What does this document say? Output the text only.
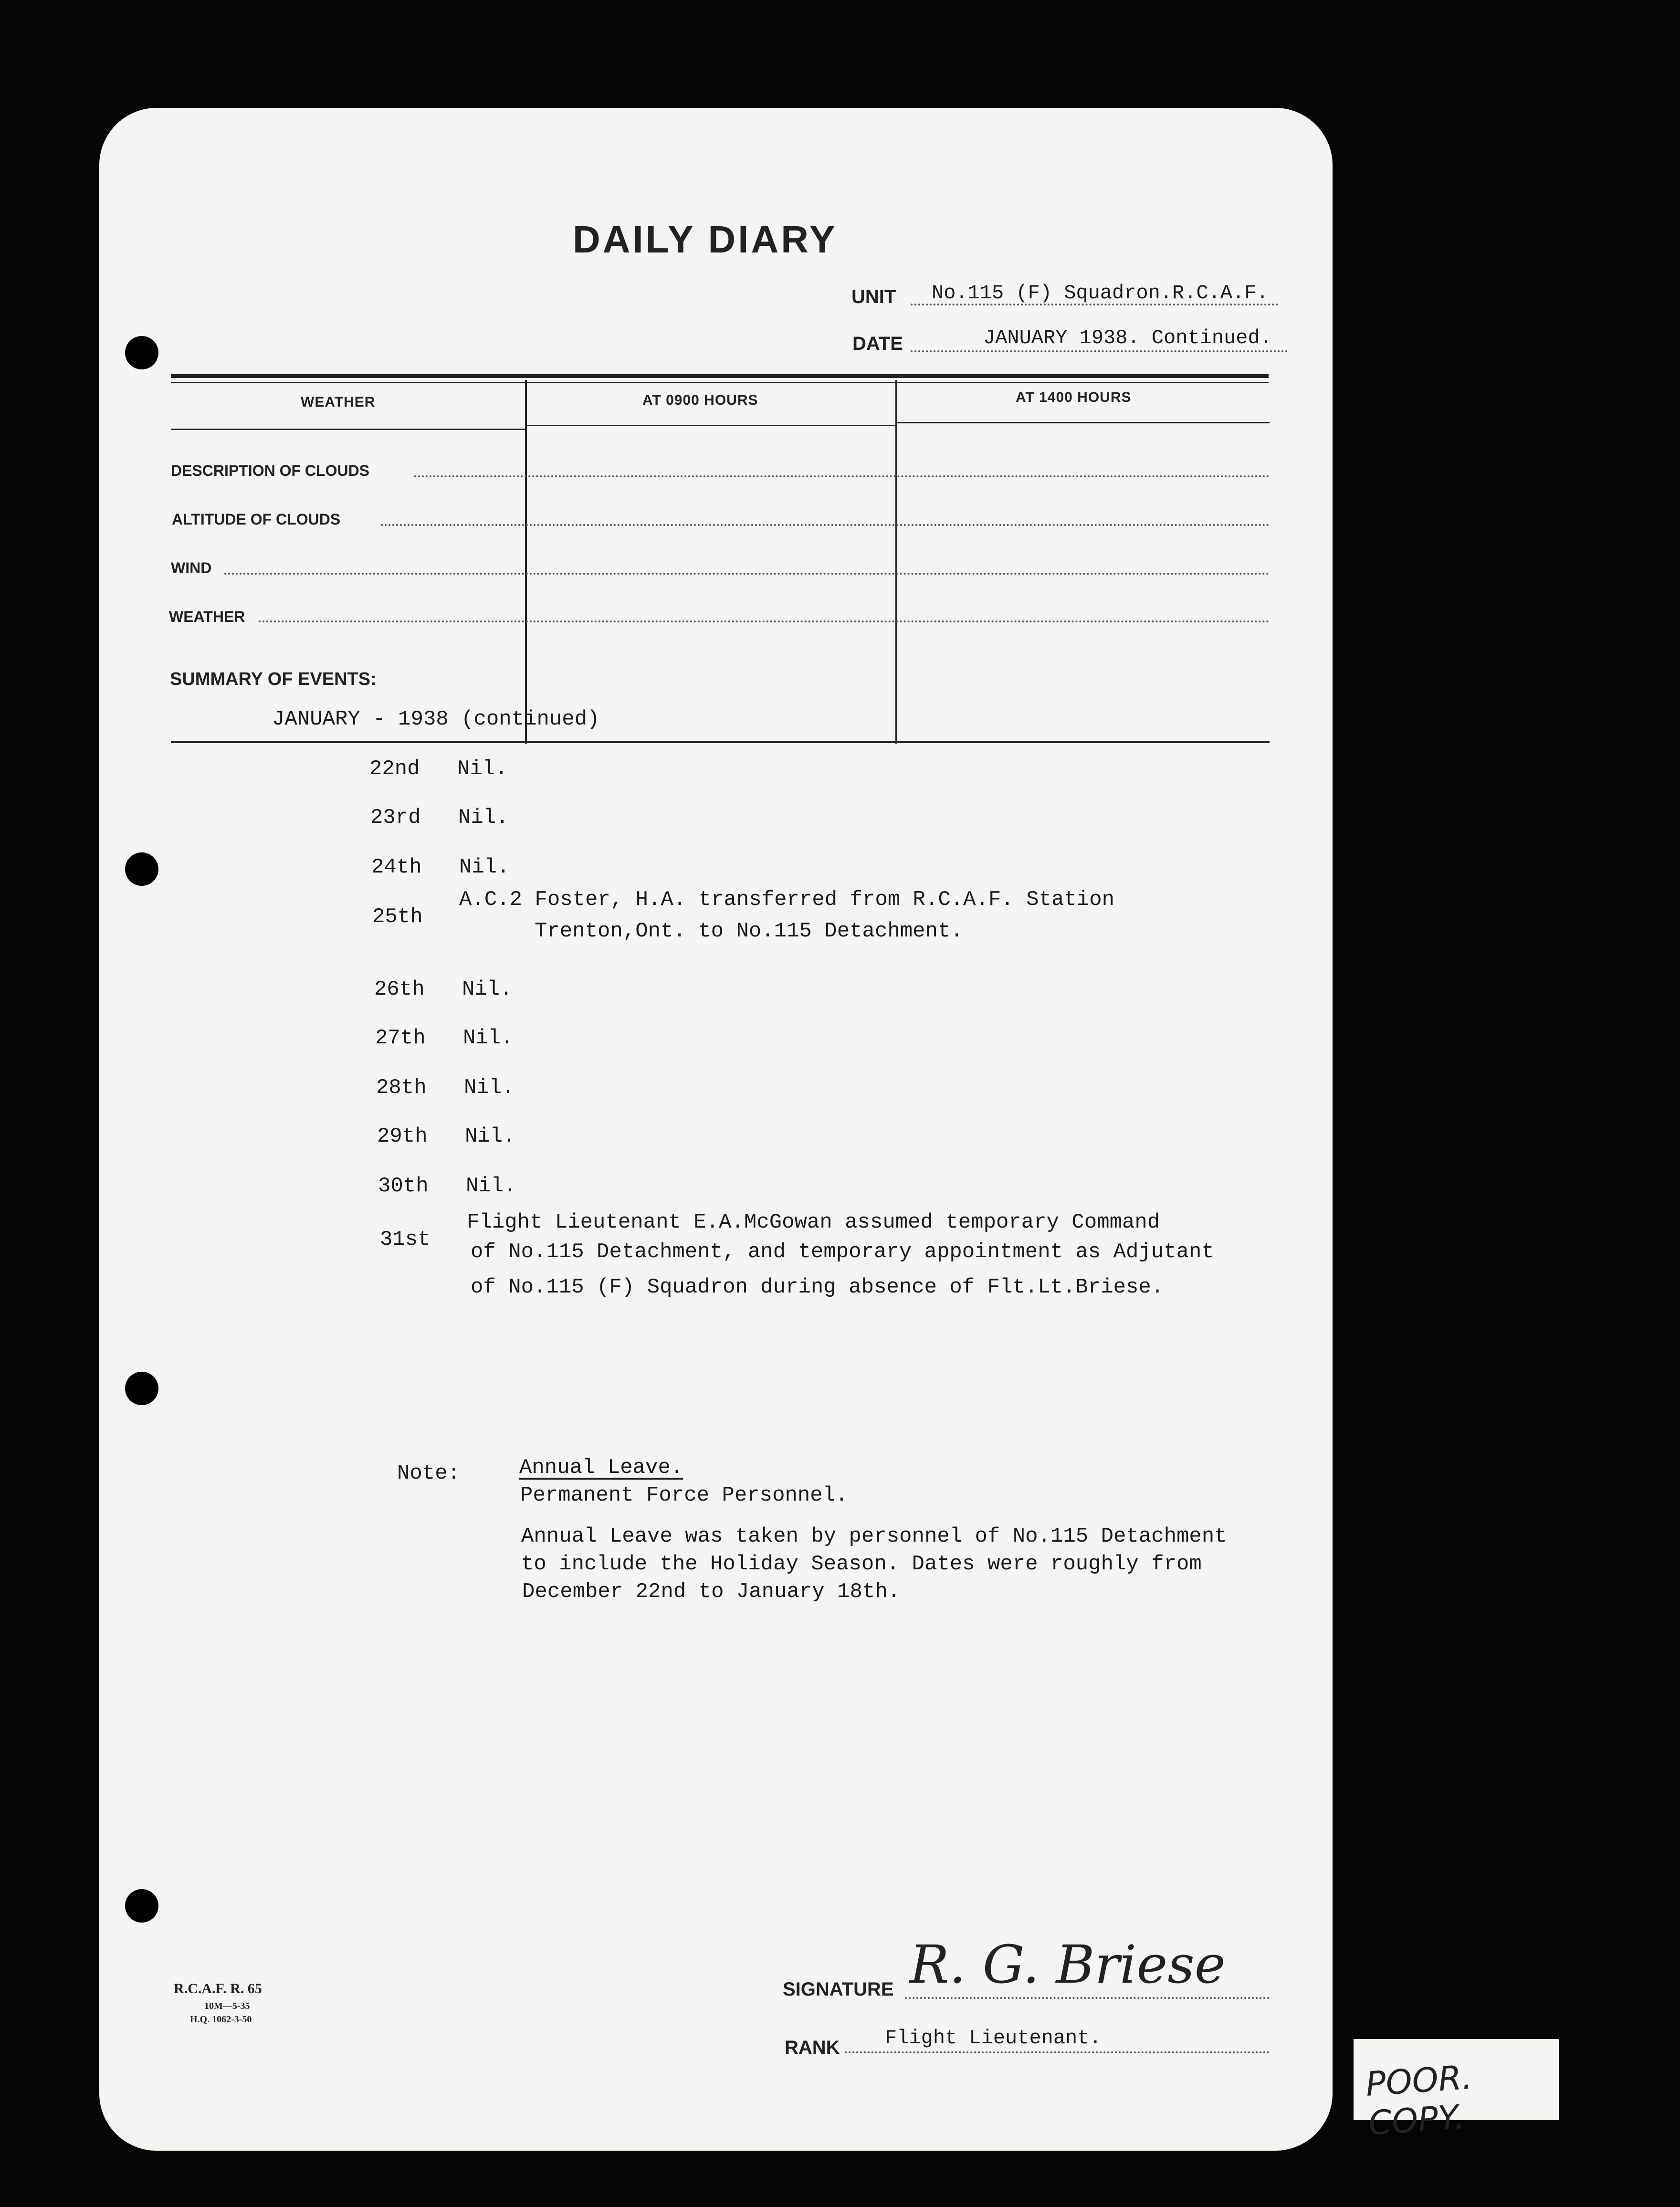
DAILY DIARY
UNIT No.115 (F) Squadron.R.C.A.F.
DATE	JANUARY 1938. Continued.
WEATHER	AT 0900 HOURS	AT 1400 HOURS
DESCRIPTION OF CLOUDS
ALTITUDE OF CLOUDS
WIND
WEATHER
SUMMARY OF EVENTS:
JANUARY - 1938 (continued)
22nd Nil.
23rd Nil.
24th Nil.
25th
A.C.2 Foster, H.A. transferred from R.C.A.F. Station
Trenton,Ont. to No.115 Detachment.
26th Nil.
27th Nil.
28th Nil.
29th Nil.
30th Nil.
31st
Flight Lieutenant E.A.McGowan assumed temporary Command
of No.115 Detachment, and temporary appointment as Adjutant
of No.115 (F) Squadron during absence of Flt.Lt.Briese.
Note:	Annual Leave.
Permanent Force Personnel.
Annual Leave was taken by personnel of No.115 Detachment
to include the Holiday Season. Dates were roughly from
December 22nd to January 18th.
R.C.A.F. R. 65
10M—5-35
H.Q. 1062-3-50
SIGNATURE R. G. Briese
RANK Flight Lieutenant.
POOR. COPY.
